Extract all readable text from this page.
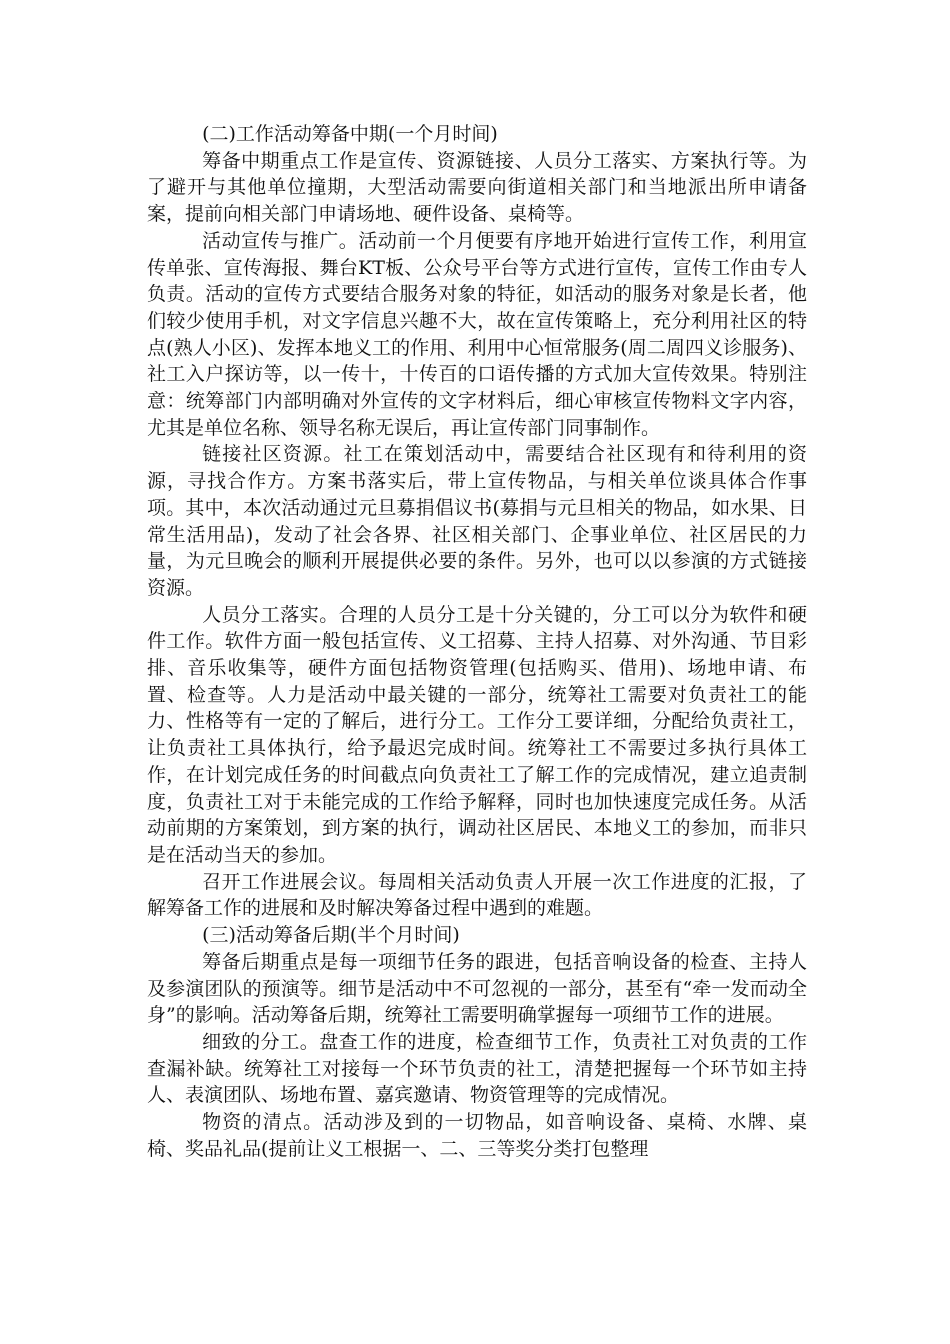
(二)工作活动筹备中期(一个月时间)

筹备中期重点工作是宣传、资源链接、人员分工落实、方案执行等。为了避开与其他单位撞期，大型活动需要向街道相关部门和当地派出所申请备案，提前向相关部门申请场地、硬件设备、桌椅等。

活动宣传与推广。活动前一个月便要有序地开始进行宣传工作，利用宣传单张、宣传海报、舞台KT板、公众号平台等方式进行宣传，宣传工作由专人负责。活动的宣传方式要结合服务对象的特征，如活动的服务对象是长者，他们较少使用手机，对文字信息兴趣不大，故在宣传策略上，充分利用社区的特点(熟人小区)、发挥本地义工的作用、利用中心恒常服务(周二周四义诊服务)、社工入户探访等，以一传十，十传百的口语传播的方式加大宣传效果。特别注意：统筹部门内部明确对外宣传的文字材料后，细心审核宣传物料文字内容，尤其是单位名称、领导名称无误后，再让宣传部门同事制作。

链接社区资源。社工在策划活动中，需要结合社区现有和待利用的资源，寻找合作方。方案书落实后，带上宣传物品，与相关单位谈具体合作事项。其中，本次活动通过元旦募捐倡议书(募捐与元旦相关的物品，如水果、日常生活用品)，发动了社会各界、社区相关部门、企事业单位、社区居民的力量，为元旦晚会的顺利开展提供必要的条件。另外，也可以以参演的方式链接资源。

人员分工落实。合理的人员分工是十分关键的，分工可以分为软件和硬件工作。软件方面一般包括宣传、义工招募、主持人招募、对外沟通、节目彩排、音乐收集等，硬件方面包括物资管理(包括购买、借用)、场地申请、布置、检查等。人力是活动中最关键的一部分，统筹社工需要对负责社工的能力、性格等有一定的了解后，进行分工。工作分工要详细，分配给负责社工，让负责社工具体执行，给予最迟完成时间。统筹社工不需要过多执行具体工作，在计划完成任务的时间截点向负责社工了解工作的完成情况，建立追责制度，负责社工对于未能完成的工作给予解释，同时也加快速度完成任务。从活动前期的方案策划，到方案的执行，调动社区居民、本地义工的参加，而非只是在活动当天的参加。

召开工作进展会议。每周相关活动负责人开展一次工作进度的汇报，了解筹备工作的进展和及时解决筹备过程中遇到的难题。

(三)活动筹备后期(半个月时间)

筹备后期重点是每一项细节任务的跟进，包括音响设备的检查、主持人及参演团队的预演等。细节是活动中不可忽视的一部分，甚至有“牵一发而动全身”的影响。活动筹备后期，统筹社工需要明确掌握每一项细节工作的进展。

细致的分工。盘查工作的进度，检查细节工作，负责社工对负责的工作查漏补缺。统筹社工对接每一个环节负责的社工，清楚把握每一个环节如主持人、表演团队、场地布置、嘉宾邀请、物资管理等的完成情况。

物资的清点。活动涉及到的一切物品，如音响设备、桌椅、水牌、桌椅、奖品礼品(提前让义工根据一、二、三等奖分类打包整理
